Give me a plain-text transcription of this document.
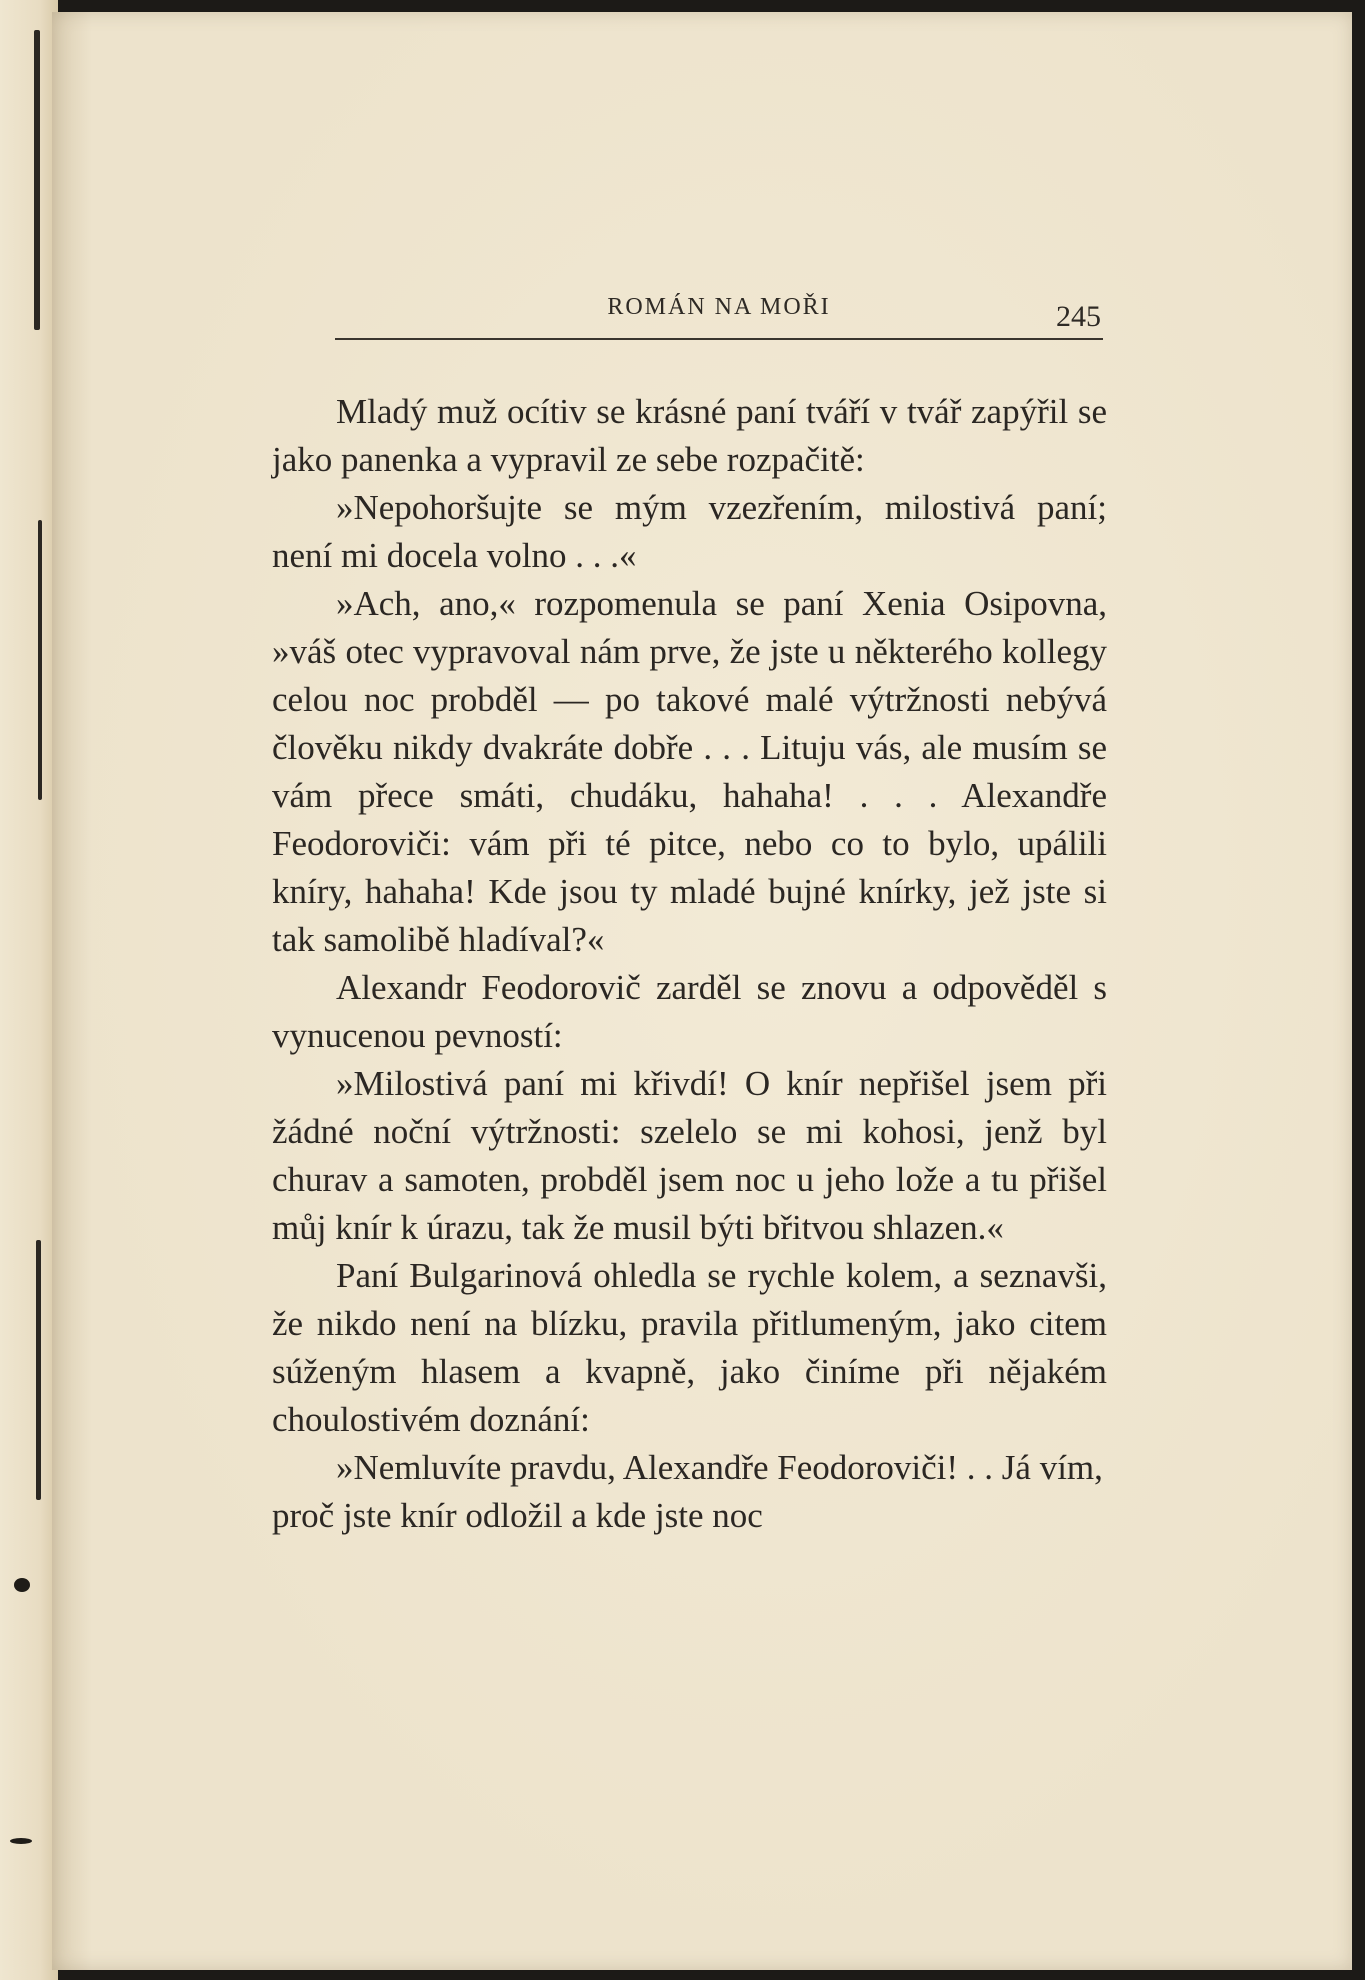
ROMÁN NA MOŘI	245

Mladý muž ocítiv se krásné paní tváří v tvář zapýřil se jako panenka a vypravil ze sebe rozpačitě:

»Nepohoršujte se mým vzezřením, milostivá paní; není mi docela volno . . .«

»Ach, ano,« rozpomenula se paní Xenia Osipovna, »váš otec vypravoval nám prve, že jste u některého kollegy celou noc probděl — po takové malé výtržnosti nebývá člověku nikdy dvakráte dobře . . . Lituju vás, ale musím se vám přece smáti, chudáku, hahaha! . . . Alexandře Feodoroviči: vám při té pitce, nebo co to bylo, upálili kníry, hahaha! Kde jsou ty mladé bujné knírky, jež jste si tak samolibě hladíval?«

Alexandr Feodorovič zarděl se znovu a odpověděl s vynucenou pevností:

»Milostivá paní mi křivdí! O knír nepřišel jsem při žádné noční výtržnosti: szelelo se mi kohosi, jenž byl churav a samoten, probděl jsem noc u jeho lože a tu přišel můj knír k úrazu, tak že musil býti břitvou shlazen.«

Paní Bulgarinová ohledla se rychle kolem, a seznavši, že nikdo není na blízku, pravila přitlumeným, jako citem súženým hlasem a kvapně, jako činíme při nějakém choulostivém doznání:

»Nemluvíte pravdu, Alexandře Feodoroviči! . . Já vím, proč jste knír odložil a kde jste noc
